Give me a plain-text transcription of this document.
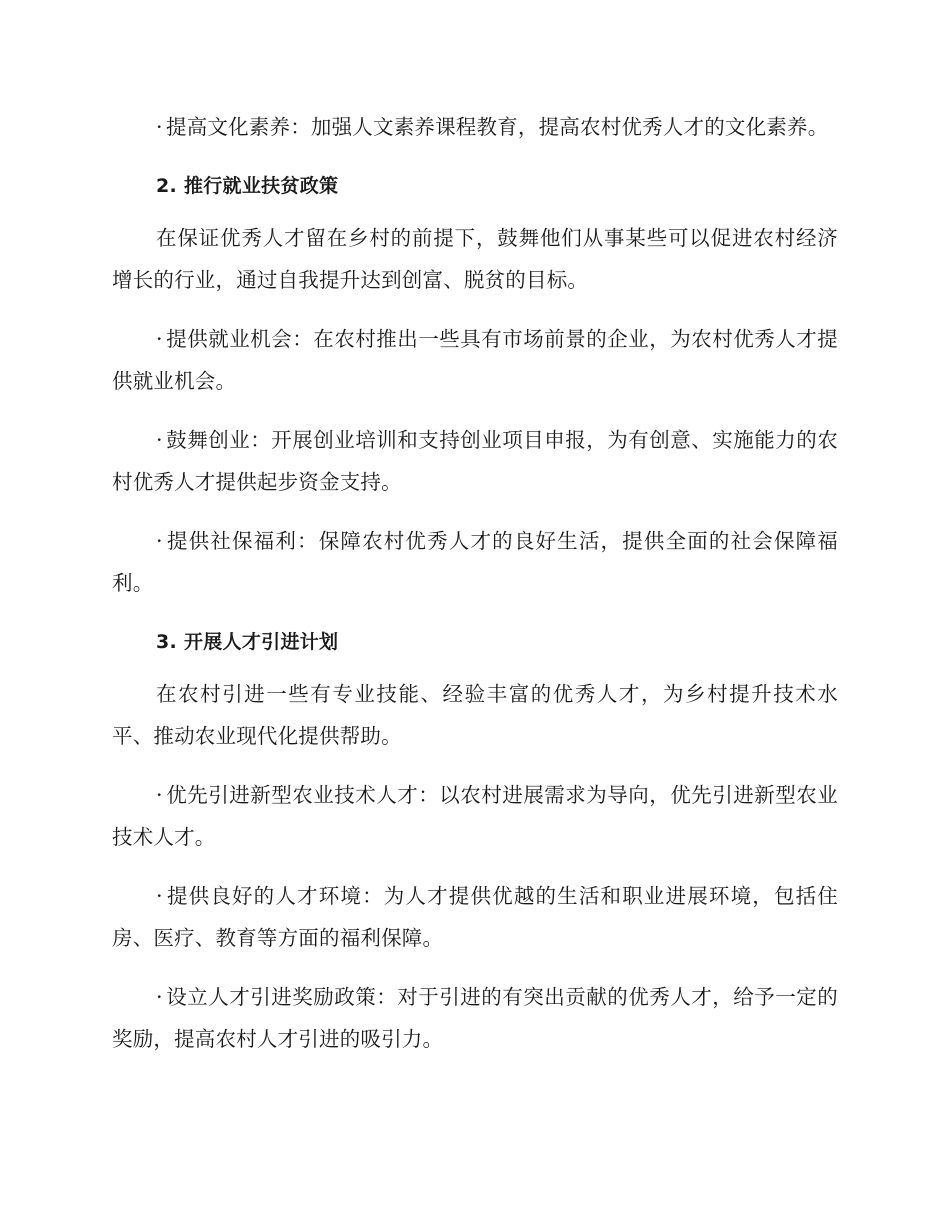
· 提高文化素养：加强人文素养课程教育，提高农村优秀人才的文化素养。

2. 推行就业扶贫政策

在保证优秀人才留在乡村的前提下，鼓舞他们从事某些可以促进农村经济增长的行业，通过自我提升达到创富、脱贫的目标。

· 提供就业机会：在农村推出一些具有市场前景的企业，为农村优秀人才提供就业机会。

· 鼓舞创业：开展创业培训和支持创业项目申报，为有创意、实施能力的农村优秀人才提供起步资金支持。

· 提供社保福利：保障农村优秀人才的良好生活，提供全面的社会保障福利。

3. 开展人才引进计划

在农村引进一些有专业技能、经验丰富的优秀人才，为乡村提升技术水平、推动农业现代化提供帮助。

· 优先引进新型农业技术人才：以农村进展需求为导向，优先引进新型农业技术人才。

· 提供良好的人才环境：为人才提供优越的生活和职业进展环境，包括住房、医疗、教育等方面的福利保障。

· 设立人才引进奖励政策：对于引进的有突出贡献的优秀人才，给予一定的奖励，提高农村人才引进的吸引力。
